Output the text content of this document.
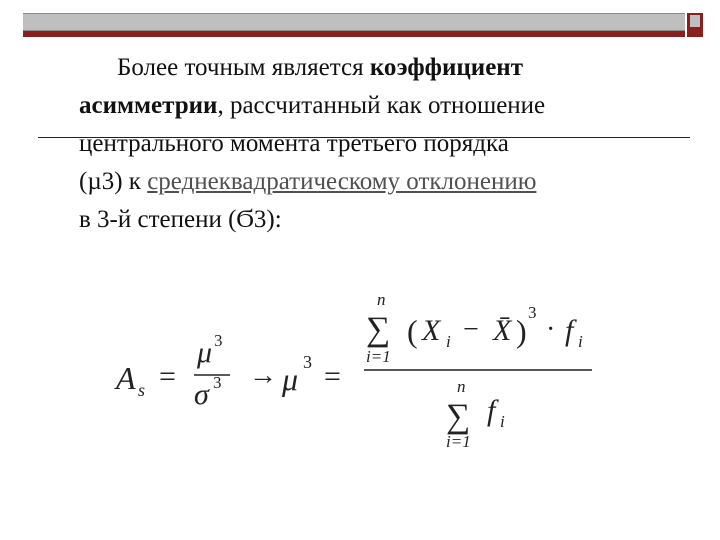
Более точным является коэффициент
асимметрии, рассчитанный как отношение
центрального момента третьего порядка
(µ3) к среднеквадратическому отклонению
в 3-й степени (Ϭ3):
A s =
μ 3
σ 3 → μ 3 =
n
∑
i=1
( X i − X̄ )
3
· f i
n
∑
i=1
f i
